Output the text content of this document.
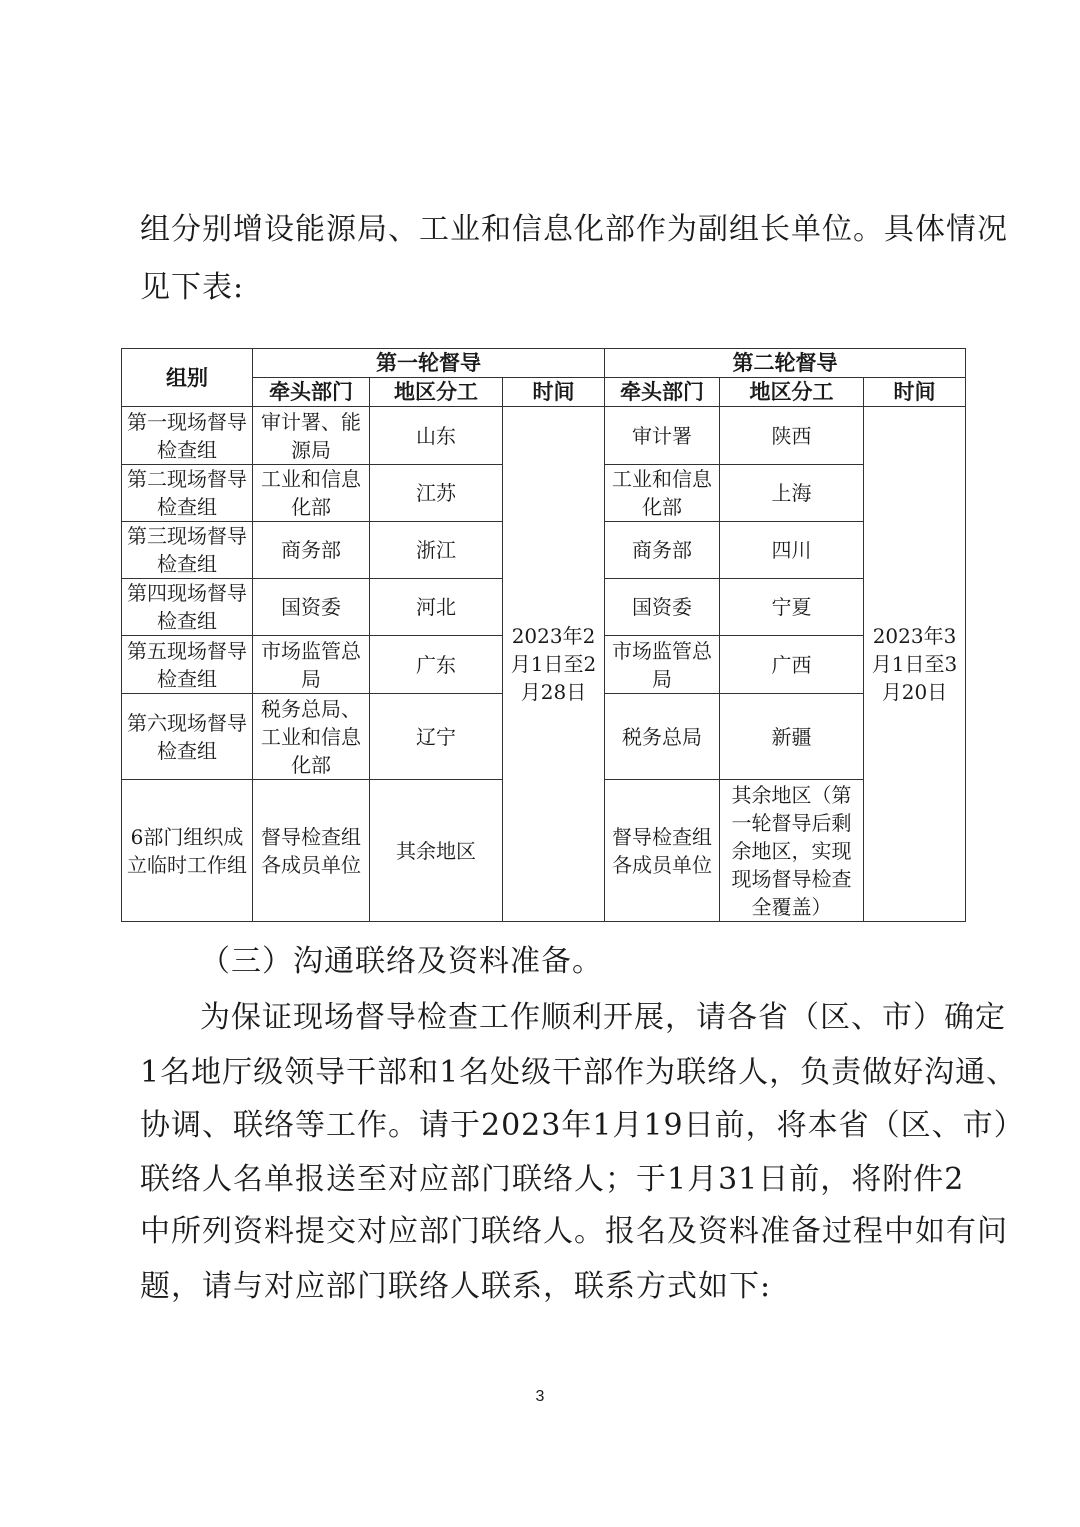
组分别增设能源局、工业和信息化部作为副组长单位。具体情况
见下表:
组别	第一轮督导			第二轮督导		
	牵头部门	地区分工	时间	牵头部门	地区分工	时间
第一现场督导检查组	审计署、能源局	山东	2023年2月1日至2月28日	审计署	陕西	2023年3月1日至3月20日
第二现场督导检查组	工业和信息化部	江苏		工业和信息化部	上海	
第三现场督导检查组	商务部	浙江		商务部	四川	
第四现场督导检查组	国资委	河北		国资委	宁夏	
第五现场督导检查组	市场监管总局	广东		市场监管总局	广西	
第六现场督导检查组	税务总局、工业和信息化部	辽宁		税务总局	新疆	
6部门组织成立临时工作组	督导检查组各成员单位	其余地区		督导检查组各成员单位	其余地区（第一轮督导后剩余地区，实现现场督导检查全覆盖）	
（三）沟通联络及资料准备。
为保证现场督导检查工作顺利开展，请各省（区、市）确定
1名地厅级领导干部和1名处级干部作为联络人，负责做好沟通、
协调、联络等工作。请于2023年1月19日前，将本省（区、市）
联络人名单报送至对应部门联络人；于1月31日前，将附件2
中所列资料提交对应部门联络人。报名及资料准备过程中如有问
题，请与对应部门联络人联系，联系方式如下:
3
